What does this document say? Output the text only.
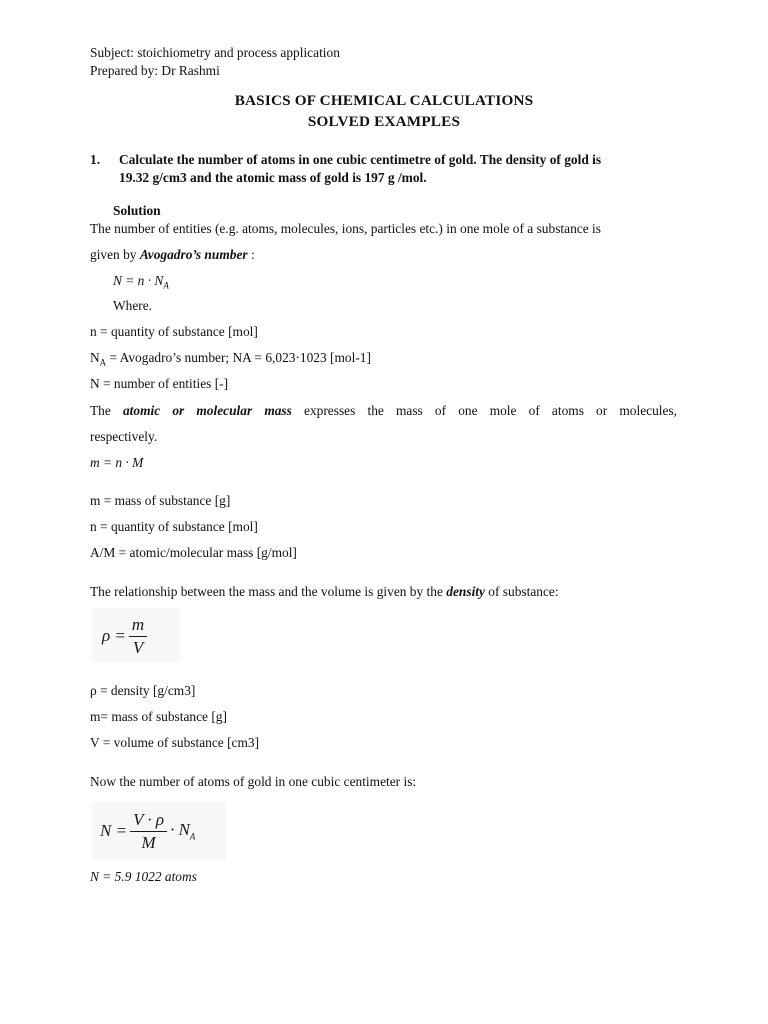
Subject: stoichiometry and process application
Prepared by: Dr Rashmi
BASICS OF CHEMICAL CALCULATIONS
SOLVED EXAMPLES
1. Calculate the number of atoms in one cubic centimetre of gold. The density of gold is
19.32 g/cm3 and the atomic mass of gold is 197 g /mol.
Solution
The number of entities (e.g. atoms, molecules, ions, particles etc.) in one mole of a substance is
given by Avogadro’s number :
$N = n \cdot N_A$
Where.
n = quantity of substance [mol]
$N_A$ = Avogadro’s number; NA = 6,023·1023 [mol-1]
N = number of entities [-]
The atomic or molecular mass expresses the mass of one mole of atoms or molecules,
respectively.
m = n · M
m = mass of substance [g]
n = quantity of substance [mol]
A/M = atomic/molecular mass [g/mol]
The relationship between the mass and the volume is given by the density of substance:
$\rho = \frac{m}{V}$
ρ = density [g/cm3]
m= mass of substance [g]
V = volume of substance [cm3]
Now the number of atoms of gold in one cubic centimeter is:
$N = \frac{V \cdot \rho}{M} \cdot N_A$
N = 5.9 1022 atoms
